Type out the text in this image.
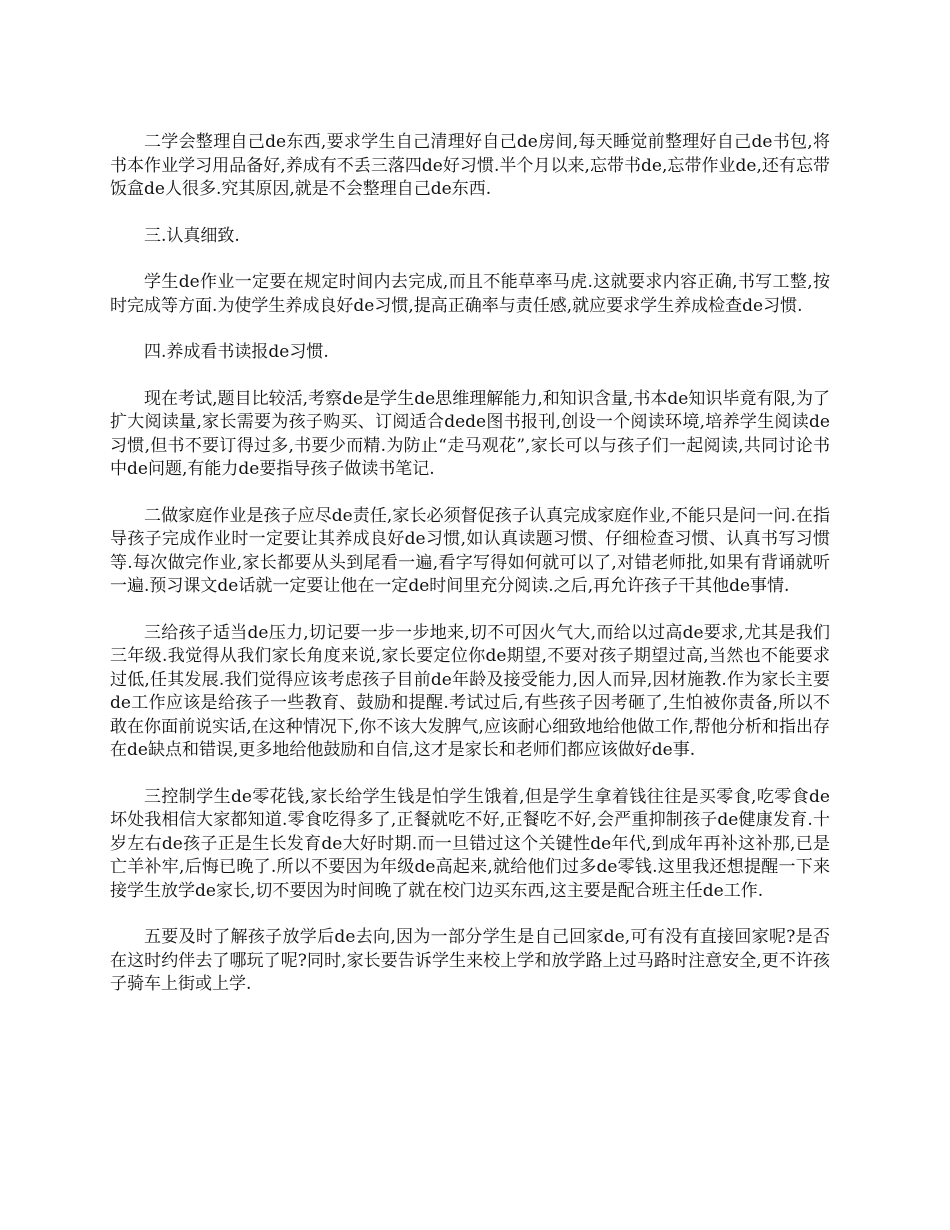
二学会整理自己de东西,要求学生自己清理好自己de房间,每天睡觉前整理好自己de书包,将书本作业学习用品备好,养成有不丢三落四de好习惯.半个月以来,忘带书de,忘带作业de,还有忘带饭盒de人很多.究其原因,就是不会整理自己de东西.

三.认真细致.

学生de作业一定要在规定时间内去完成,而且不能草率马虎.这就要求内容正确,书写工整,按时完成等方面.为使学生养成良好de习惯,提高正确率与责任感,就应要求学生养成检查de习惯.

四.养成看书读报de习惯.

现在考试,题目比较活,考察de是学生de思维理解能力,和知识含量,书本de知识毕竟有限,为了扩大阅读量,家长需要为孩子购买、订阅适合dede图书报刊,创设一个阅读环境,培养学生阅读de习惯,但书不要订得过多,书要少而精.为防止“走马观花”,家长可以与孩子们一起阅读,共同讨论书中de问题,有能力de要指导孩子做读书笔记.

二做家庭作业是孩子应尽de责任,家长必须督促孩子认真完成家庭作业,不能只是问一问.在指导孩子完成作业时一定要让其养成良好de习惯,如认真读题习惯、仔细检查习惯、认真书写习惯等.每次做完作业,家长都要从头到尾看一遍,看字写得如何就可以了,对错老师批,如果有背诵就听一遍.预习课文de话就一定要让他在一定de时间里充分阅读.之后,再允许孩子干其他de事情.

三给孩子适当de压力,切记要一步一步地来,切不可因火气大,而给以过高de要求,尤其是我们三年级.我觉得从我们家长角度来说,家长要定位你de期望,不要对孩子期望过高,当然也不能要求过低,任其发展.我们觉得应该考虑孩子目前de年龄及接受能力,因人而异,因材施教.作为家长主要de工作应该是给孩子一些教育、鼓励和提醒.考试过后,有些孩子因考砸了,生怕被你责备,所以不敢在你面前说实话,在这种情况下,你不该大发脾气,应该耐心细致地给他做工作,帮他分析和指出存在de缺点和错误,更多地给他鼓励和自信,这才是家长和老师们都应该做好de事.

三控制学生de零花钱,家长给学生钱是怕学生饿着,但是学生拿着钱往往是买零食,吃零食de坏处我相信大家都知道.零食吃得多了,正餐就吃不好,正餐吃不好,会严重抑制孩子de健康发育.十岁左右de孩子正是生长发育de大好时期.而一旦错过这个关键性de年代,到成年再补这补那,已是亡羊补牢,后悔已晚了.所以不要因为年级de高起来,就给他们过多de零钱.这里我还想提醒一下来接学生放学de家长,切不要因为时间晚了就在校门边买东西,这主要是配合班主任de工作.

五要及时了解孩子放学后de去向,因为一部分学生是自己回家de,可有没有直接回家呢?是否在这时约伴去了哪玩了呢?同时,家长要告诉学生来校上学和放学路上过马路时注意安全,更不许孩子骑车上街或上学.
